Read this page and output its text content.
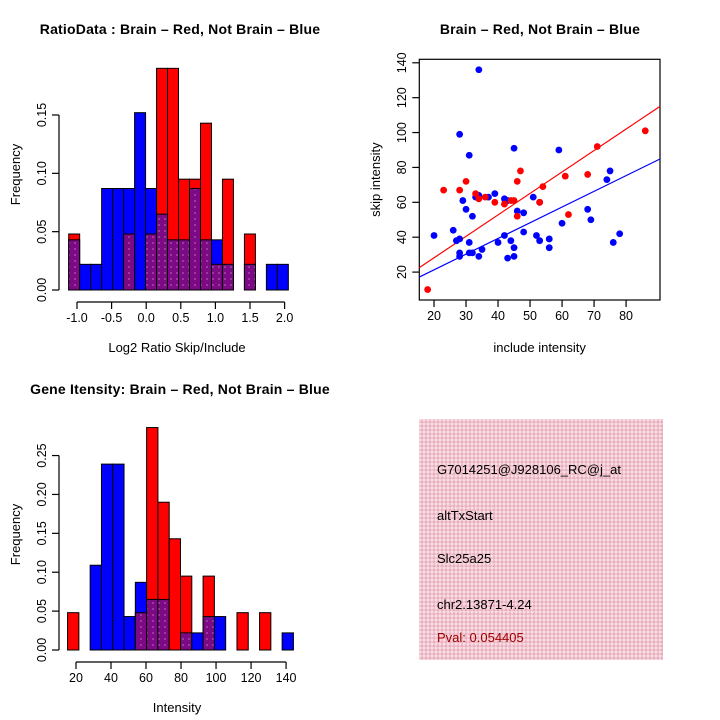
RatioData : Brain – Red, Not Brain – Blue
0.00
0.05
0.10
0.15
-1.0 -0.5 0.0 0.5 1.0 1.5 2.0
Frequency
Log2 Ratio Skip/Include
Brain – Red, Not Brain – Blue
20 30 40 50 60 70 80
20
40
60
80
100
120
140
skip intensity
include intensity
Gene Itensity: Brain – Red, Not Brain – Blue
0.00
0.05
0.10
0.15
0.20
0.25
20 40 60 80 100 120 140
Frequency
Intensity
G7014251@J928106_RC@j_at
altTxStart
Slc25a25
chr2.13871-4.24
Pval: 0.054405
